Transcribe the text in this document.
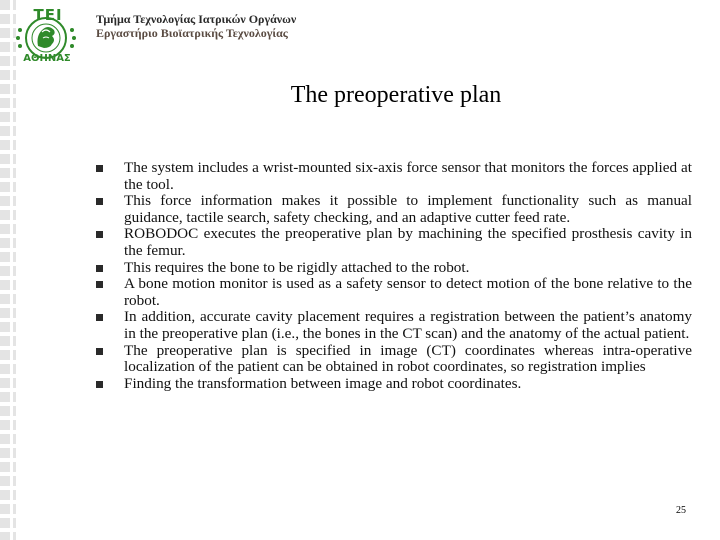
ΤΕΙ
ΑΘΗΝΑΣ
Τμήμα Τεχνολογίας Ιατρικών Οργάνων
Εργαστήριο Βιοϊατρικής Τεχνολογίας
The preoperative plan
The system includes a wrist-mounted six-axis force sensor that monitors the forces applied at the tool.
This force information makes it possible to implement functionality such as manual guidance, tactile search, safety checking, and an adaptive cutter feed rate.
ROBODOC executes the preoperative plan by machining the specified prosthesis cavity in the femur.
This requires the bone to be rigidly attached to the robot.
A bone motion monitor is used as a safety sensor to detect motion of the bone relative to the robot.
In addition, accurate cavity placement requires a registration between the patient’s anatomy in the preoperative plan (i.e., the bones in the CT scan) and the anatomy of the actual patient.
The preoperative plan is specified in image (CT) coordinates whereas intra-operative localization of the patient can be obtained in robot coordinates, so registration implies
Finding the transformation between image and robot coordinates.
25
